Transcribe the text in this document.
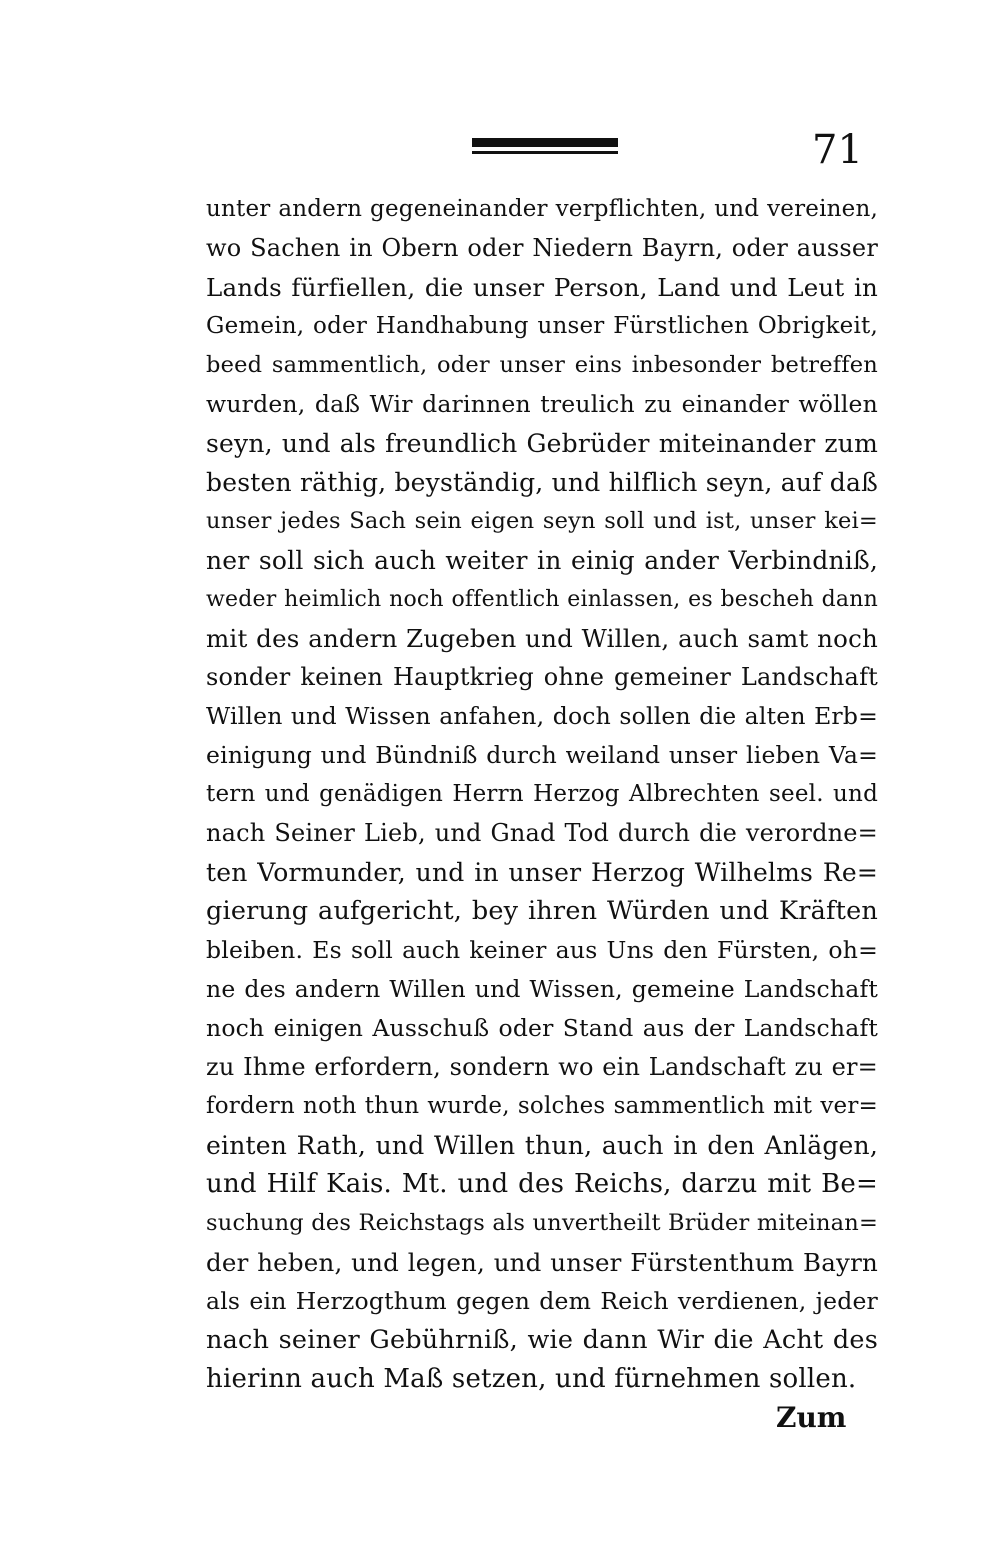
71
unter andern gegeneinander verpflichten, und vereinen,
wo Sachen in Obern oder Niedern Bayrn, oder ausser
Lands fürfiellen, die unser Person, Land und Leut in
Gemein, oder Handhabung unser Fürstlichen Obrigkeit,
beed sammentlich, oder unser eins inbesonder betreffen
wurden, daß Wir darinnen treulich zu einander wöllen
seyn, und als freundlich Gebrüder miteinander zum
besten räthig, beyständig, und hilflich seyn, auf daß
unser jedes Sach sein eigen seyn soll und ist, unser kei=
ner soll sich auch weiter in einig ander Verbindniß,
weder heimlich noch offentlich einlassen, es bescheh dann
mit des andern Zugeben und Willen, auch samt noch
sonder keinen Hauptkrieg ohne gemeiner Landschaft
Willen und Wissen anfahen, doch sollen die alten Erb=
einigung und Bündniß durch weiland unser lieben Va=
tern und genädigen Herrn Herzog Albrechten seel. und
nach Seiner Lieb, und Gnad Tod durch die verordne=
ten Vormunder, und in unser Herzog Wilhelms Re=
gierung aufgericht, bey ihren Würden und Kräften
bleiben. Es soll auch keiner aus Uns den Fürsten, oh=
ne des andern Willen und Wissen, gemeine Landschaft
noch einigen Ausschuß oder Stand aus der Landschaft
zu Ihme erfordern, sondern wo ein Landschaft zu er=
fordern noth thun wurde, solches sammentlich mit ver=
einten Rath, und Willen thun, auch in den Anlägen,
und Hilf Kais. Mt. und des Reichs, darzu mit Be=
suchung des Reichstags als unvertheilt Brüder miteinan=
der heben, und legen, und unser Fürstenthum Bayrn
als ein Herzogthum gegen dem Reich verdienen, jeder
nach seiner Gebührniß, wie dann Wir die Acht des
hierinn auch Maß setzen, und fürnehmen sollen.
Zum
